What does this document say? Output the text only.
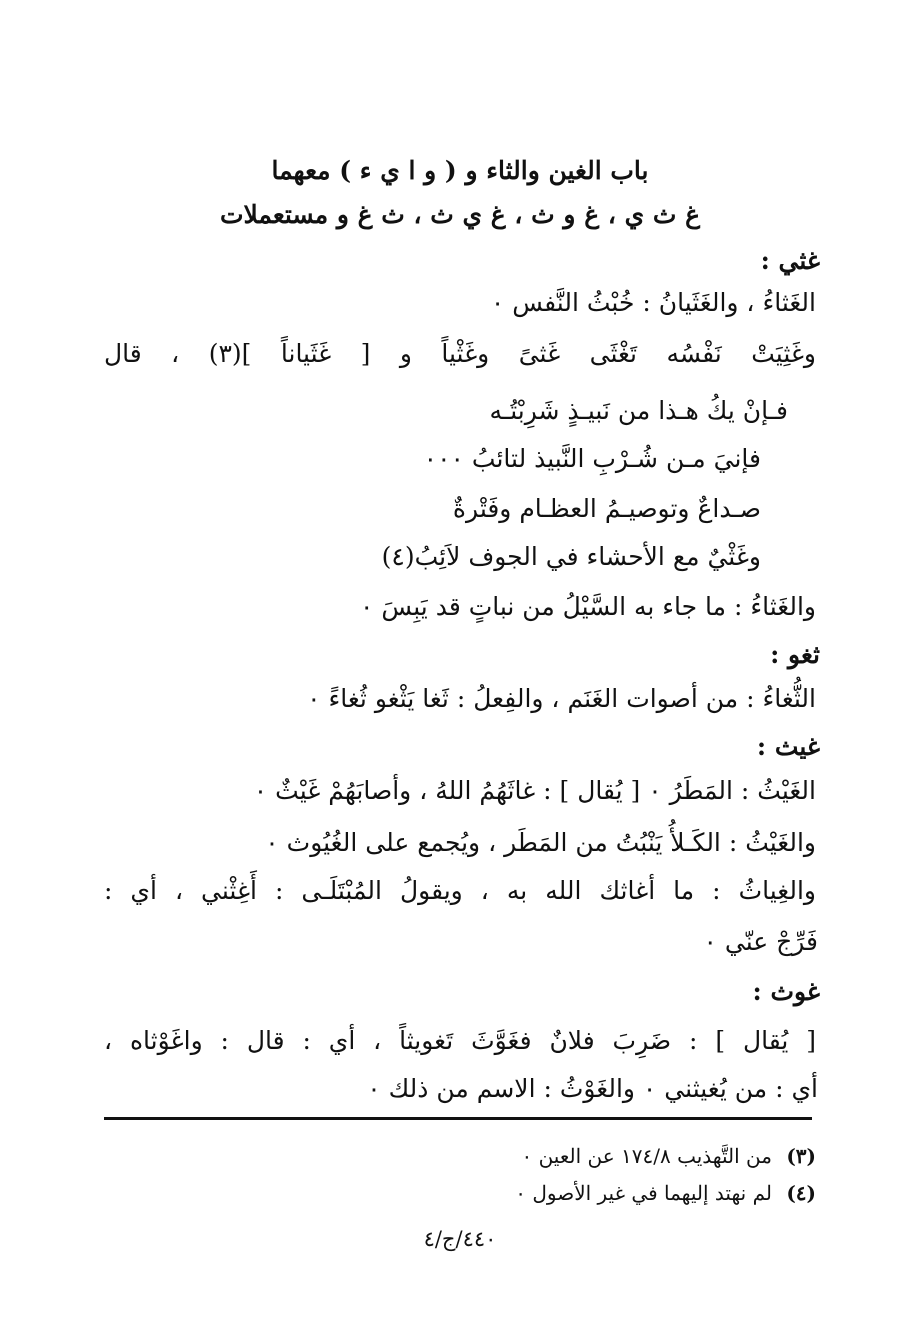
باب الغين والثاء و ( و ا ي ء ) معهما
غ ث ي ، غ و ث ، غ ي ث ، ث غ و مستعملات
غثي :
الغَثاءُ ، والغَثَيانُ : خُبْثُ النَّفس ٠
وغَثِيَتْ نَفْسُه تَغْثَى غَثىً وغَثْياً و [ غَثَياناً ](٣) ، قال
فـإنْ يكُ هـذا من نَبيـذٍ شَرِبْتُـه
فإنيَ مـن شُـرْبِ النَّبيذ لتائبُ ٠٠٠
صـداعٌ وتوصيـمُ العظـام وفَتْرةٌ
وغَثْيٌ مع الأحشاء في الجوف لاَئِبُ(٤)
والغَثاءُ : ما جاء به السَّيْلُ من نباتٍ قد يَبِسَ ٠
ثغو :
الثُّغاءُ : من أصوات الغَنَم ، والفِعلُ : ثَغا يَثْغو ثُغاءً ٠
غيث :
الغَيْثُ : المَطَرُ ٠ [ يُقال ] : غاثَهُمُ اللهُ ، وأصابَهُمْ غَيْثٌ ٠
والغَيْثُ : الكَـلأُ يَنْبُتُ من المَطَر ، ويُجمع على الغُيُوث ٠
والغِياثُ : ما أغاثك الله به ، ويقولُ المُبْتَلَـى : أَغِثْني ، أي :
فَرِّجْ عنّي ٠
غوث :
[ يُقال ] : ضَرِبَ فلانٌ فغَوَّثَ تَغويثاً ، أي : قال : واغَوْثاه ،
أي : من يُغيثني ٠ والغَوْثُ : الاسم من ذلك ٠
(٣)من التَّهذيب ١٧٤/٨ عن العين ٠
(٤)لم نهتد إليهما في غير الأصول ٠
٤٤٠/ج/٤
